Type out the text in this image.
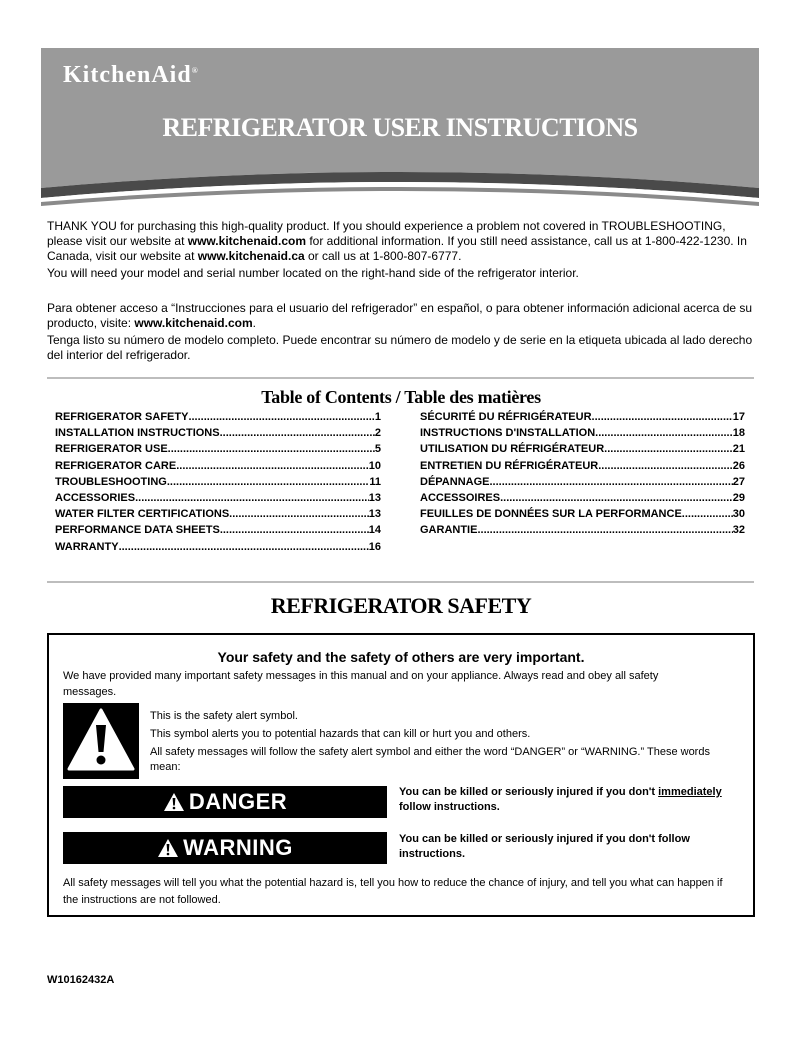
KitchenAid®
REFRIGERATOR USER INSTRUCTIONS
THANK YOU for purchasing this high-quality product. If you should experience a problem not covered in TROUBLESHOOTING, please visit our website at www.kitchenaid.com for additional information. If you still need assistance, call us at 1-800-422-1230. In Canada, visit our website at www.kitchenaid.ca or call us at 1-800-807-6777.
You will need your model and serial number located on the right-hand side of the refrigerator interior.
Para obtener acceso a “Instrucciones para el usuario del refrigerador” en español, o para obtener información adicional acerca de su producto, visite: www.kitchenaid.com.
Tenga listo su número de modelo completo. Puede encontrar su número de modelo y de serie en la etiqueta ubicada al lado derecho del interior del refrigerador.
Table of Contents / Table des matières
REFRIGERATOR SAFETY .....	1
INSTALLATION INSTRUCTIONS .....	2
REFRIGERATOR USE .....	5
REFRIGERATOR CARE .....	10
TROUBLESHOOTING .....	11
ACCESSORIES .....	13
WATER FILTER CERTIFICATIONS .....	13
PERFORMANCE DATA SHEETS .....	14
WARRANTY .....	16
SÉCURITÉ DU RÉFRIGÉRATEUR .....	17
INSTRUCTIONS D'INSTALLATION .....	18
UTILISATION DU RÉFRIGÉRATEUR .....	21
ENTRETIEN DU RÉFRIGÉRATEUR .....	26
DÉPANNAGE .....	27
ACCESSOIRES .....	29
FEUILLES DE DONNÉES SUR LA PERFORMANCE .....	30
GARANTIE .....	32
REFRIGERATOR SAFETY
Your safety and the safety of others are very important.
We have provided many important safety messages in this manual and on your appliance. Always read and obey all safety messages.
This is the safety alert symbol.
This symbol alerts you to potential hazards that can kill or hurt you and others.
All safety messages will follow the safety alert symbol and either the word “DANGER” or “WARNING.” These words mean:
DANGER	You can be killed or seriously injured if you don't immediately follow instructions.
WARNING	You can be killed or seriously injured if you don't follow instructions.
All safety messages will tell you what the potential hazard is, tell you how to reduce the chance of injury, and tell you what can happen if the instructions are not followed.
W10162432A
